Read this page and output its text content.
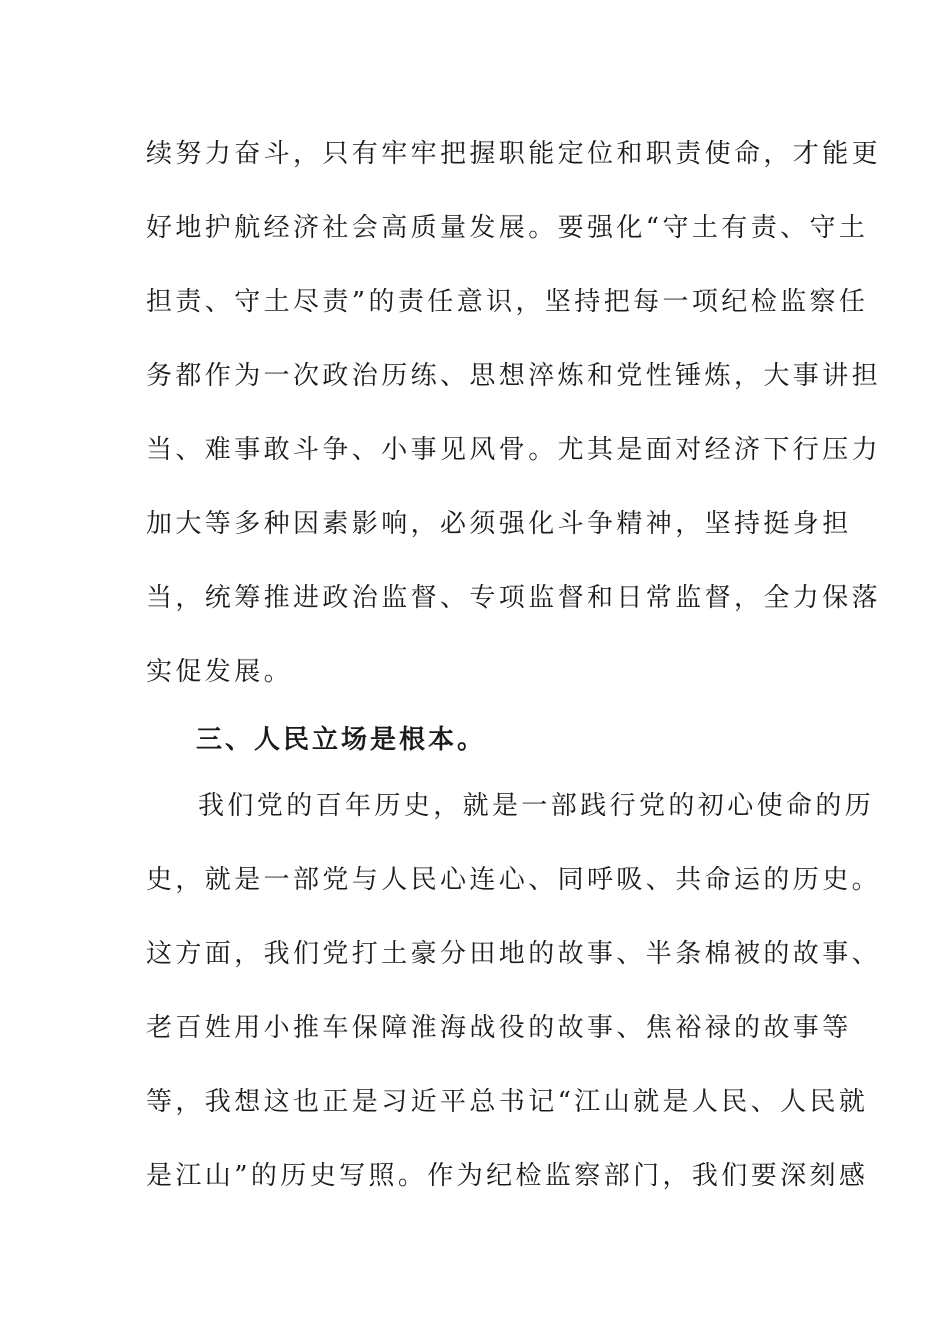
续努力奋斗，只有牢牢把握职能定位和职责使命，才能更
好地护航经济社会高质量发展。要强化“守土有责、守土
担责、守土尽责”的责任意识，坚持把每一项纪检监察任
务都作为一次政治历练、思想淬炼和党性锤炼，大事讲担
当、难事敢斗争、小事见风骨。尤其是面对经济下行压力
加大等多种因素影响，必须强化斗争精神，坚持挺身担
当，统筹推进政治监督、专项监督和日常监督，全力保落
实促发展。
三、人民立场是根本。
我们党的百年历史，就是一部践行党的初心使命的历
史，就是一部党与人民心连心、同呼吸、共命运的历史。
这方面，我们党打土豪分田地的故事、半条棉被的故事、
老百姓用小推车保障淮海战役的故事、焦裕禄的故事等
等，我想这也正是习近平总书记“江山就是人民、人民就
是江山”的历史写照。作为纪检监察部门，我们要深刻感
